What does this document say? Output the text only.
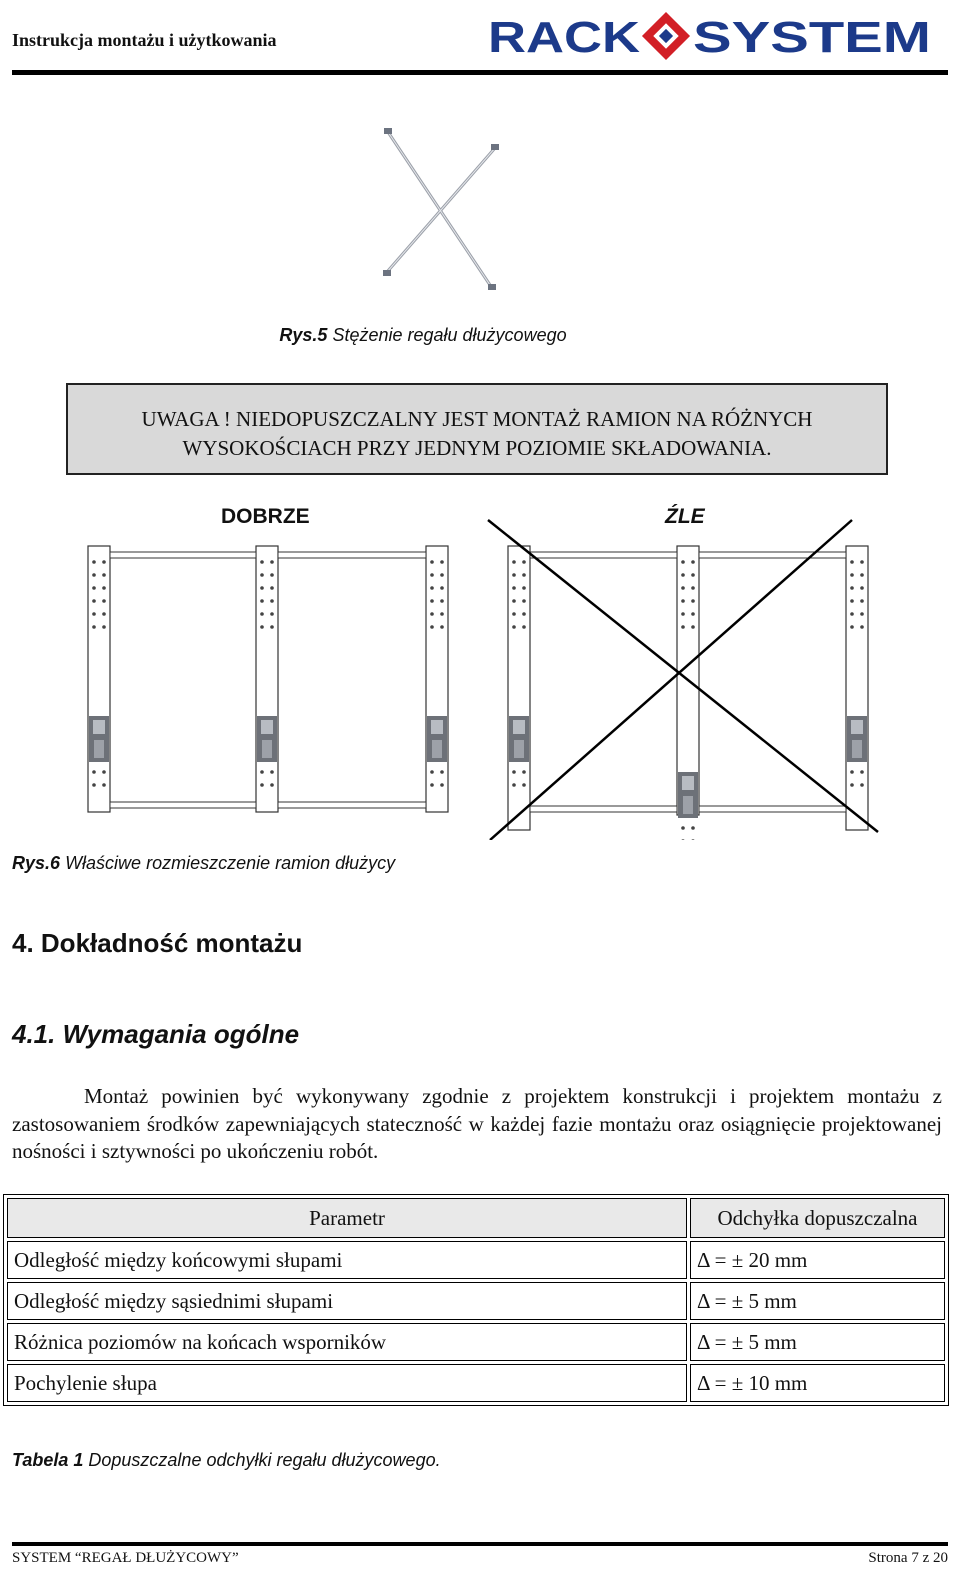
Instrukcja montażu i użytkowania	RACK SYSTEM
Rys.5 Stężenie regału dłużycowego
UWAGA ! NIEDOPUSZCZALNY JEST MONTAŻ RAMION NA RÓŻNYCH
WYSOKOŚCIACH PRZY JEDNYM POZIOMIE SKŁADOWANIA.
DOBRZE	ŹLE
Rys.6 Właściwe rozmieszczenie ramion dłużycy
4. Dokładność montażu
4.1. Wymagania ogólne
Montaż powinien być wykonywany zgodnie z projektem konstrukcji i projektem montażu z zastosowaniem środków zapewniających stateczność w każdej fazie montażu oraz osiągnięcie projektowanej nośności i sztywności po ukończeniu robót.
Parametr	Odchyłka dopuszczalna
Odległość między końcowymi słupami	Δ = ± 20 mm
Odległość między sąsiednimi słupami	Δ = ± 5 mm
Różnica poziomów na końcach wsporników	Δ = ± 5 mm
Pochylenie słupa	Δ = ± 10 mm
Tabela 1 Dopuszczalne odchyłki regału dłużycowego.
SYSTEM “REGAŁ DŁUŻYCOWY”	Strona 7 z 20
